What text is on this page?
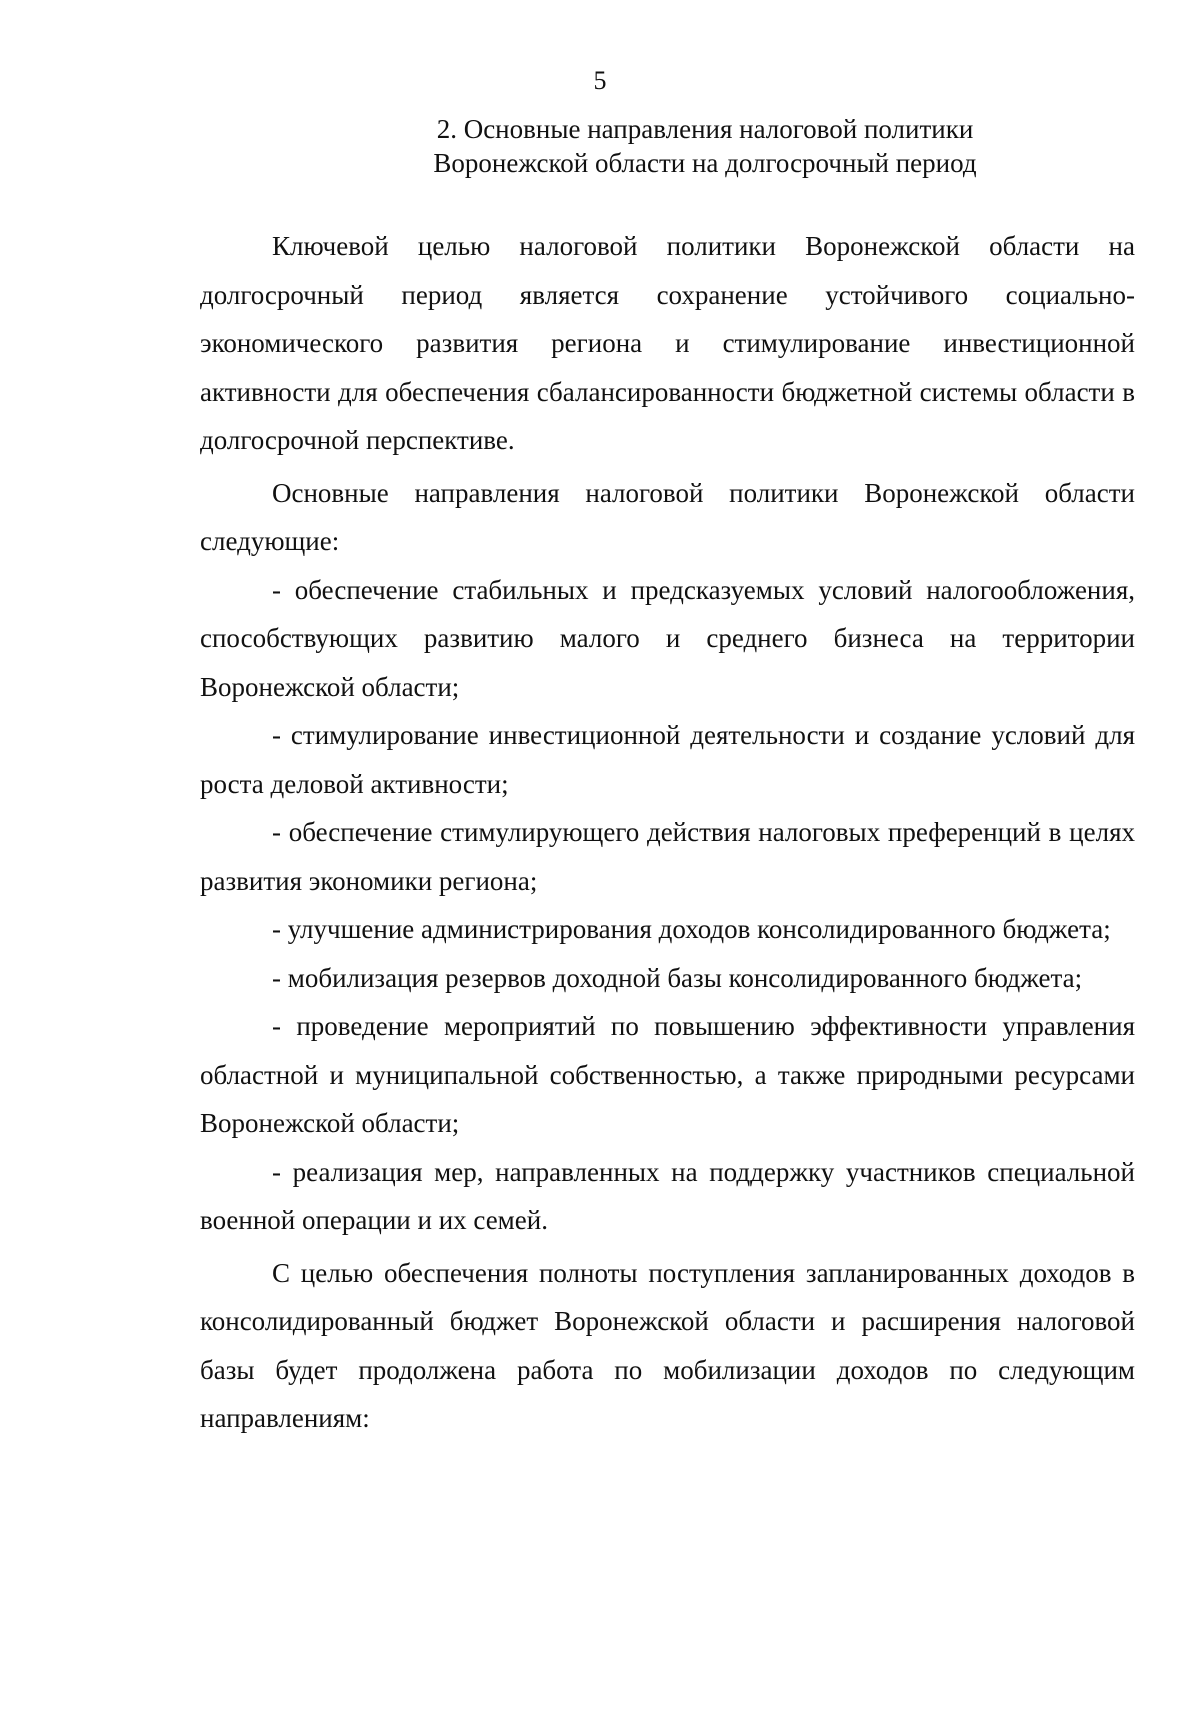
5
2. Основные направления налоговой политики
Воронежской области на долгосрочный период

Ключевой целью налоговой политики Воронежской области на долгосрочный период является сохранение устойчивого социально-экономического развития региона и стимулирование инвестиционной активности для обеспечения сбалансированности бюджетной системы области в долгосрочной перспективе.

Основные направления налоговой политики Воронежской области следующие:

- обеспечение стабильных и предсказуемых условий налогообложения, способствующих развитию малого и среднего бизнеса на территории Воронежской области;

- стимулирование инвестиционной деятельности и создание условий для роста деловой активности;

- обеспечение стимулирующего действия налоговых преференций в целях развития экономики региона;

- улучшение администрирования доходов консолидированного бюджета;

- мобилизация резервов доходной базы консолидированного бюджета;

- проведение мероприятий по повышению эффективности управления областной и муниципальной собственностью, а также природными ресурсами Воронежской области;

- реализация мер, направленных на поддержку участников специальной военной операции и их семей.

С целью обеспечения полноты поступления запланированных доходов в консолидированный бюджет Воронежской области и расширения налоговой базы будет продолжена работа по мобилизации доходов по следующим направлениям:
